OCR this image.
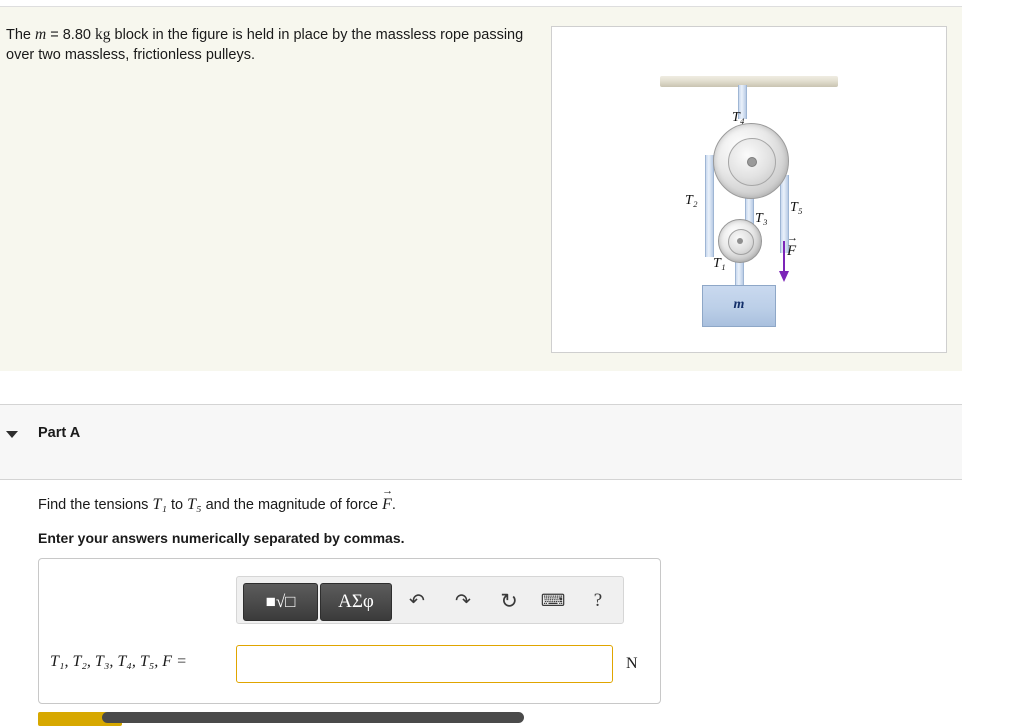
The m = 8.80 kg block in the figure is held in place by the massless rope passing over two massless, frictionless pulleys.
m
T₄
T₂
T₃
T₅
T₁
→ F
Part A
Find the tensions T₁ to T₅ and the magnitude of force → F.
Enter your answers numerically separated by commas.
■√□	ΑΣφ	↶	↷	↻	⌨	?
T₁, T₂, T₃, T₄, T₅, F =	N
